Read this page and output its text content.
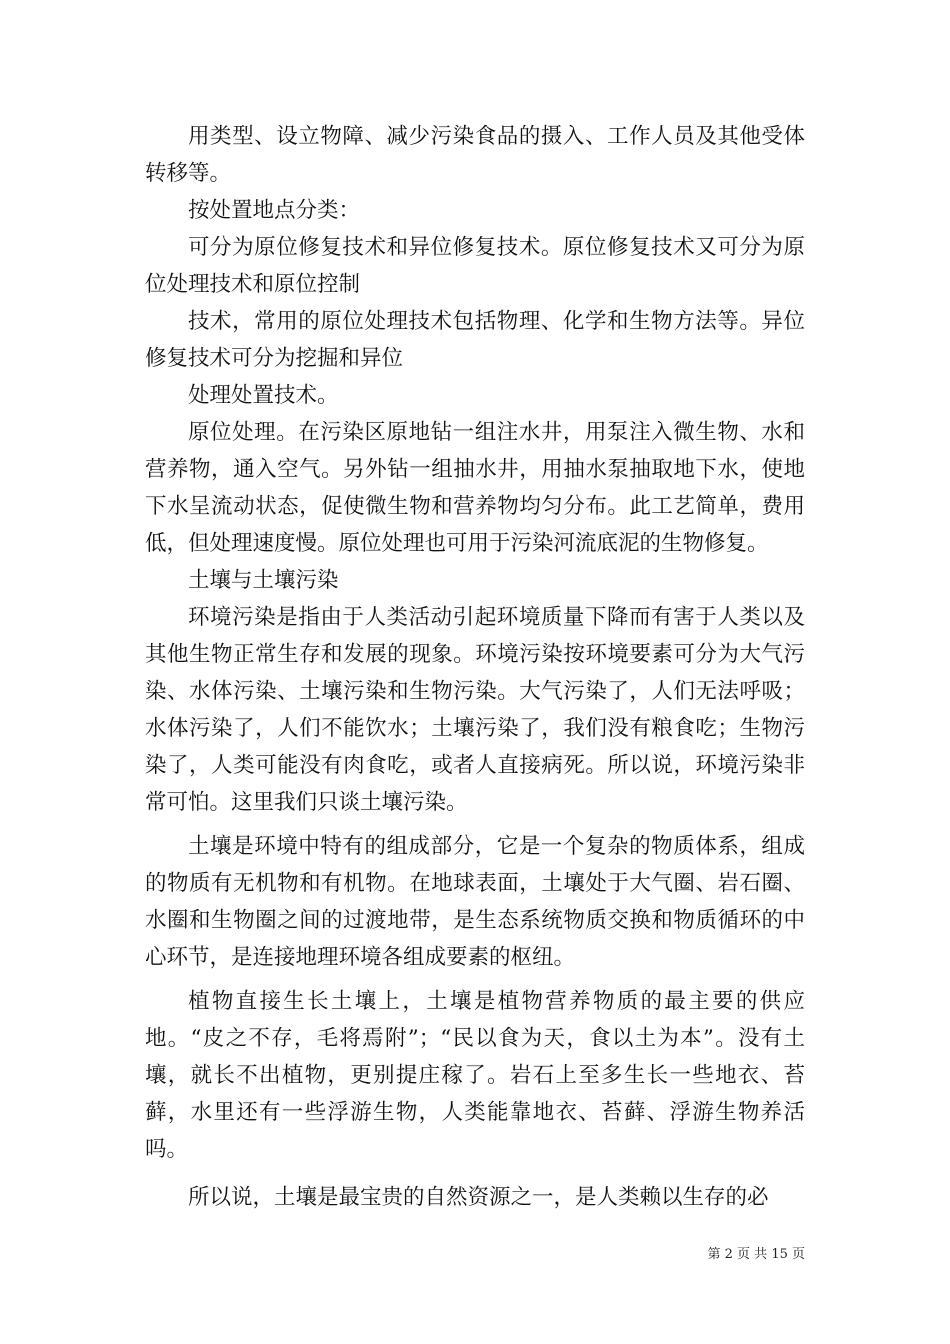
用类型、设立物障、减少污染食品的摄入、工作人员及其他受体转移等。

按处置地点分类：

可分为原位修复技术和异位修复技术。原位修复技术又可分为原位处理技术和原位控制

技术，常用的原位处理技术包括物理、化学和生物方法等。异位修复技术可分为挖掘和异位

处理处置技术。

原位处理。在污染区原地钻一组注水井，用泵注入微生物、水和营养物，通入空气。另外钻一组抽水井，用抽水泵抽取地下水，使地下水呈流动状态，促使微生物和营养物均匀分布。此工艺简单，费用低，但处理速度慢。原位处理也可用于污染河流底泥的生物修复。

土壤与土壤污染

环境污染是指由于人类活动引起环境质量下降而有害于人类以及其他生物正常生存和发展的现象。环境污染按环境要素可分为大气污染、水体污染、土壤污染和生物污染。大气污染了，人们无法呼吸；水体污染了，人们不能饮水；土壤污染了，我们没有粮食吃；生物污染了，人类可能没有肉食吃，或者人直接病死。所以说，环境污染非常可怕。这里我们只谈土壤污染。

土壤是环境中特有的组成部分，它是一个复杂的物质体系，组成的物质有无机物和有机物。在地球表面，土壤处于大气圈、岩石圈、水圈和生物圈之间的过渡地带，是生态系统物质交换和物质循环的中心环节，是连接地理环境各组成要素的枢纽。

植物直接生长土壤上，土壤是植物营养物质的最主要的供应地。“皮之不存，毛将焉附”；“民以食为天，食以土为本”。没有土壤，就长不出植物，更别提庄稼了。岩石上至多生长一些地衣、苔藓，水里还有一些浮游生物，人类能靠地衣、苔藓、浮游生物养活吗。

所以说，土壤是最宝贵的自然资源之一，是人类赖以生存的必

第 2 页 共 15 页
